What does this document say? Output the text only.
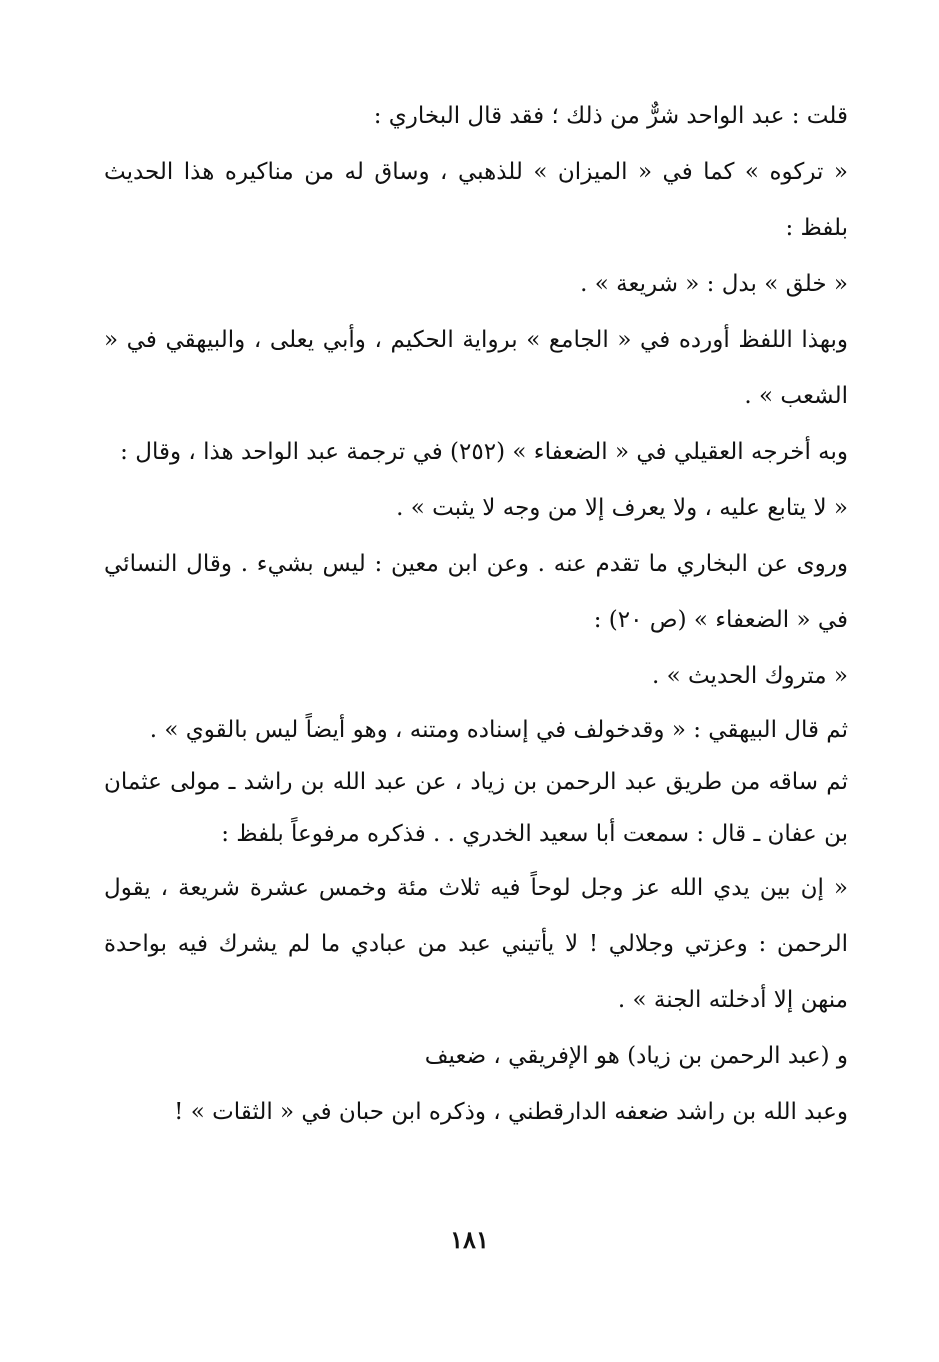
قلت : عبد الواحد شرٌّ من ذلك ؛ فقد قال البخاري :

« تركوه » كما في « الميزان » للذهبي ، وساق له من مناكيره هذا الحديث بلفظ :

« خلق » بدل : « شريعة » .

وبهذا اللفظ أورده في « الجامع » برواية الحكيم ، وأبي يعلى ، والبيهقي في « الشعب » .

وبه أخرجه العقيلي في « الضعفاء » (٢٥٢) في ترجمة عبد الواحد هذا ، وقال :

« لا يتابع عليه ، ولا يعرف إلا من وجه لا يثبت » .

وروى عن البخاري ما تقدم عنه . وعن ابن معين : ليس بشيء . وقال النسائي في « الضعفاء » (ص ٢٠) :

« متروك الحديث » .

ثم قال البيهقي : « وقدخولف في إسناده ومتنه ، وهو أيضاً ليس بالقوي » .

ثم ساقه من طريق عبد الرحمن بن زياد ، عن عبد الله بن راشد ـ مولى عثمان بن عفان ـ قال : سمعت أبا سعيد الخدري . . فذكره مرفوعاً بلفظ :

« إن بين يدي الله عز وجل لوحاً فيه ثلاث مئة وخمس عشرة شريعة ، يقول الرحمن : وعزتي وجلالي ! لا يأتيني عبد من عبادي ما لم يشرك فيه بواحدة منهن إلا أدخلته الجنة » .

و (عبد الرحمن بن زياد) هو الإفريقي ، ضعيف

وعبد الله بن راشد ضعفه الدارقطني ، وذكره ابن حبان في « الثقات » !

١٨١
